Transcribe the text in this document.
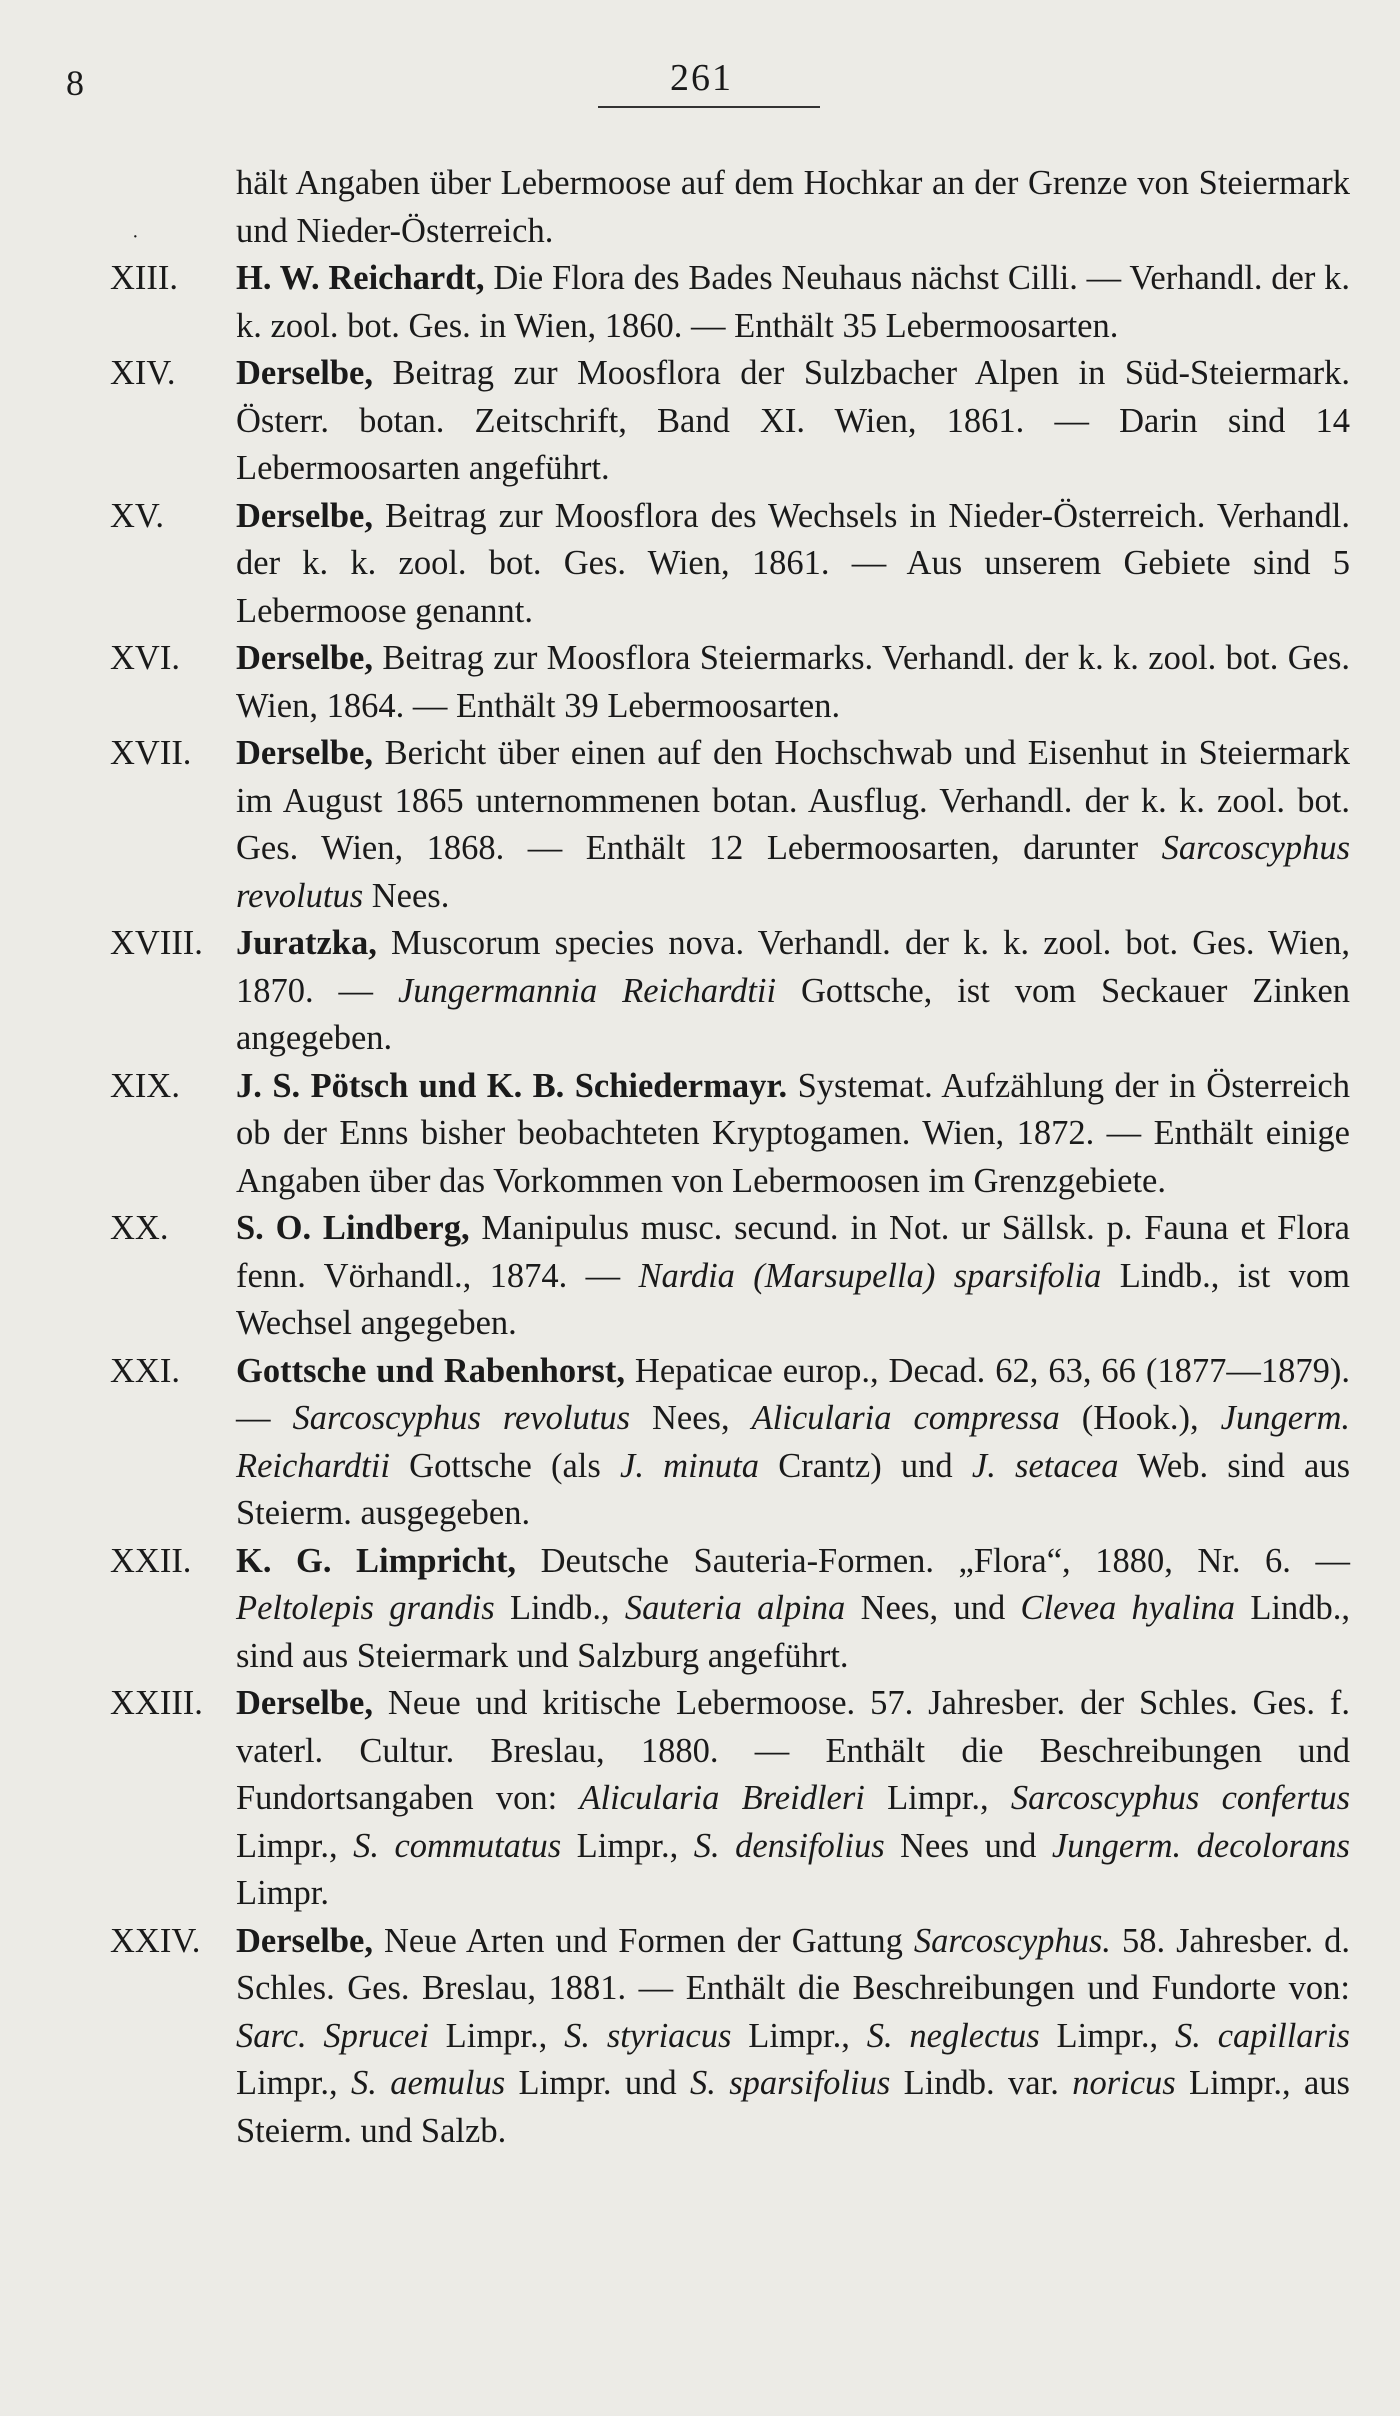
8	261
·
hält Angaben über Lebermoose auf dem Hochkar an der Grenze von Steiermark und Nieder-Österreich.
XIII.	H. W. Reichardt, Die Flora des Bades Neuhaus nächst Cilli. — Verhandl. der k. k. zool. bot. Ges. in Wien, 1860. — Enthält 35 Lebermoosarten.
XIV.	Derselbe, Beitrag zur Moosflora der Sulzbacher Alpen in Süd-Steiermark. Österr. botan. Zeitschrift, Band XI. Wien, 1861. — Darin sind 14 Lebermoosarten angeführt.
XV.	Derselbe, Beitrag zur Moosflora des Wechsels in Nieder-Österreich. Verhandl. der k. k. zool. bot. Ges. Wien, 1861. — Aus unserem Gebiete sind 5 Lebermoose genannt.
XVI.	Derselbe, Beitrag zur Moosflora Steiermarks. Verhandl. der k. k. zool. bot. Ges. Wien, 1864. — Enthält 39 Lebermoosarten.
XVII.	Derselbe, Bericht über einen auf den Hochschwab und Eisenhut in Steiermark im August 1865 unternommenen botan. Ausflug. Verhandl. der k. k. zool. bot. Ges. Wien, 1868. — Enthält 12 Lebermoosarten, darunter Sarcoscyphus revolutus Nees.
XVIII. Juratzka, Muscorum species nova. Verhandl. der k. k. zool. bot. Ges. Wien, 1870. — Jungermannia Reichardtii Gottsche, ist vom Seckauer Zinken angegeben.
XIX.	J. S. Pötsch und K. B. Schiedermayr. Systemat. Aufzählung der in Österreich ob der Enns bisher beobachteten Kryptogamen. Wien, 1872. — Enthält einige Angaben über das Vorkommen von Lebermoosen im Grenzgebiete.
XX.	S. O. Lindberg, Manipulus musc. secund. in Not. ur Sällsk. p. Fauna et Flora fenn. Vörhandl., 1874. — Nardia (Marsupella) sparsifolia Lindb., ist vom Wechsel angegeben.
XXI.	Gottsche und Rabenhorst, Hepaticae europ., Decad. 62, 63, 66 (1877—1879). — Sarcoscyphus revolutus Nees, Alicularia compressa (Hook.), Jungerm. Reichardtii Gottsche (als J. minuta Crantz) und J. setacea Web. sind aus Steierm. ausgegeben.
XXII.	K. G. Limpricht, Deutsche Sauteria-Formen. „Flora“, 1880, Nr. 6. — Peltolepis grandis Lindb., Sauteria alpina Nees, und Clevea hyalina Lindb., sind aus Steiermark und Salzburg angeführt.
XXIII. Derselbe, Neue und kritische Lebermoose. 57. Jahresber. der Schles. Ges. f. vaterl. Cultur. Breslau, 1880. — Enthält die Beschreibungen und Fundortsangaben von: Alicularia Breidleri Limpr., Sarcoscyphus confertus Limpr., S. commutatus Limpr., S. densifolius Nees und Jungerm. decolorans Limpr.
XXIV.	Derselbe, Neue Arten und Formen der Gattung Sarcoscyphus. 58. Jahresber. d. Schles. Ges. Breslau, 1881. — Enthält die Beschreibungen und Fundorte von: Sarc. Sprucei Limpr., S. styriacus Limpr., S. neglectus Limpr., S. capillaris Limpr., S. aemulus Limpr. und S. sparsifolius Lindb. var. noricus Limpr., aus Steierm. und Salzb.
